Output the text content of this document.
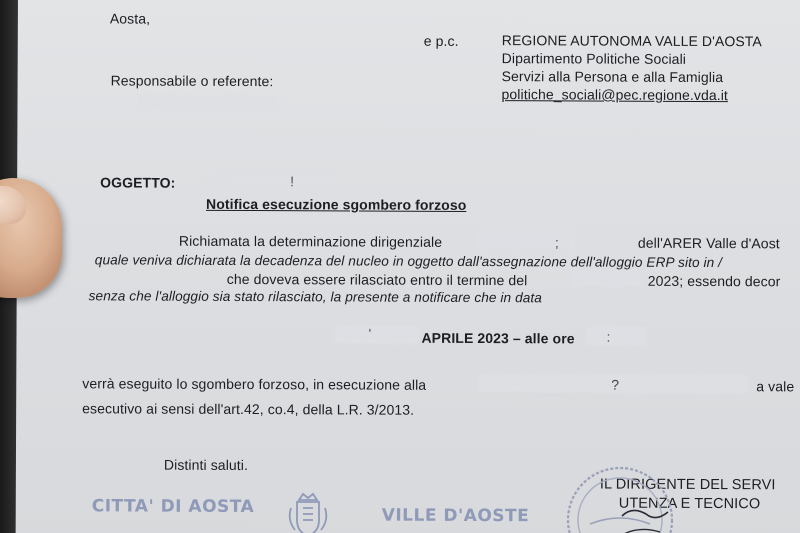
Aosta,
e p.c.	REGIONE AUTONOMA VALLE D'AOSTA
Dipartimento Politiche Sociali
Servizi alla Persona e alla Famiglia
politiche_sociali@pec.regione.vda.it
Responsabile o referente:
OGGETTO:	!
Notifica esecuzione sgombero forzoso
Richiamata la determinazione dirigenziale	;	dell'ARER Valle d'Aost
quale veniva dichiarata la decadenza del nucleo in oggetto dall'assegnazione dell'alloggio ERP sito in /
che doveva essere rilasciato entro il termine del	2023; essendo decor
senza che l'alloggio sia stato rilasciato, la presente a notificare che in data
'	APRILE 2023 – alle ore :
verrà eseguito lo sgombero forzoso, in esecuzione alla	?	a vale
esecutivo ai sensi dell'art.42, co.4, della L.R. 3/2013.
Distinti saluti.
IL DIRIGENTE DEL SERVI
UTENZA E TECNICO
CITTA' DI AOSTA	VILLE D'AOSTE
